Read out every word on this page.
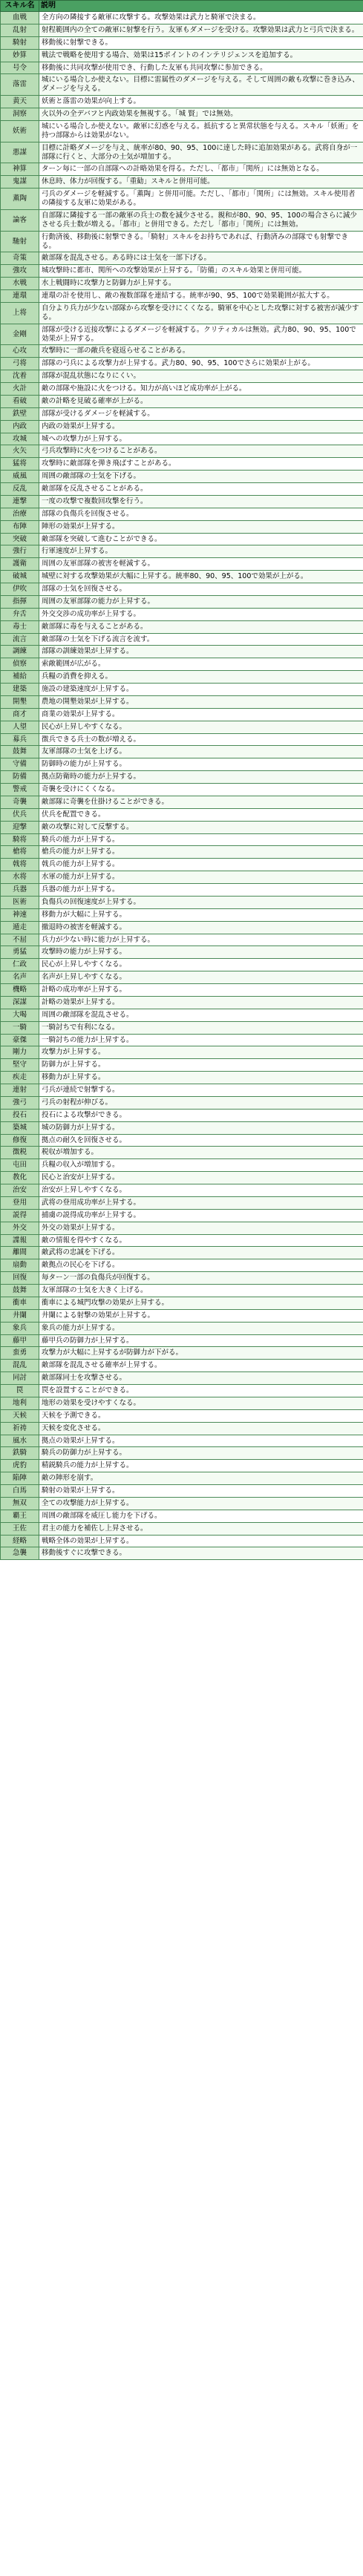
スキル名	説明
血戦	全方向の隣接する敵軍に攻撃する。攻撃効果は武力と騎軍で決まる。
乱射	射程範囲内の全ての敵軍に射撃を行う。友軍もダメージを受ける。攻撃効果は武力と弓兵で決まる。
騎射	移動後に射撃できる。
妙算	戦法で戦略を使用する場合、効果は15ポイントのインテリジェンスを追加する。
号令	移動後に共同攻撃が使用でき、行動した友軍も共同攻撃に参加できる。
落雷	城にいる場合しか使えない。目標に雷属性のダメージを与える。そして周囲の敵も攻撃に巻き込み、ダメージを与える。
黄天	妖術と落雷の効果が向上する。
洞察	火以外の全デバフと内政効果を無視する。「城 賢」では無効。
妖術	城にいる場合しか使えない。敵軍に幻惑を与える。抵抗すると異常状態を与える。スキル「妖術」を持つ部隊からは効果がない。
悪謀	目標に計略ダメージを与え、統率が80、90、95、100に達した時に追加効果がある。武将自身が一部隊に行くと、大部分の士気が増加する。
神算	ターン毎に一部の自部隊への計略効果を得る。ただし、「都市」「関所」には無効となる。
鬼謀	休息時、体力が回復する。「重勧」スキルと併用可能。
薫陶	弓兵のダメージを軽減する。「薫陶」と併用可能。ただし、「都市」「関所」には無効。スキル使用者の隣接する友軍に効果がある。
論客	自部隊に隣接する一部の敵軍の兵士の数を減少させる。親和が80、90、95、100の場合さらに減少させる兵士数が増える。「都市」と併用できる。ただし「都市」「関所」には無効。
馳射	行動済後、移動後に射撃できる。「騎射」スキルをお持ちであれば、行動済みの部隊でも射撃できる。
奇策	敵部隊を混乱させる。ある時には士気を一部下げる。
強攻	城攻撃時に都市、関所への攻撃効果が上昇する。「防備」のスキル効果と併用可能。
水戦	水上戦闘時に攻撃力と防御力が上昇する。
連環	連環の計を使用し、敵の複数部隊を連結する。統率が90、95、100で効果範囲が拡大する。
上将	自分より兵力が少ない部隊から攻撃を受けにくくなる。騎軍を中心とした攻撃に対する被害が減少する。
金剛	部隊が受ける近接攻撃によるダメージを軽減する。クリティカルは無効。武力80、90、95、100で効果が上昇する。
心攻	攻撃時に一部の敵兵を寝返らせることがある。
弓将	部隊の弓兵による攻撃力が上昇する。武力80、90、95、100でさらに効果が上がる。
沈着	部隊が混乱状態になりにくい。
火計	敵の部隊や施設に火をつける。知力が高いほど成功率が上がる。
看破	敵の計略を見破る確率が上がる。
鉄壁	部隊が受けるダメージを軽減する。
内政	内政の効果が上昇する。
攻城	城への攻撃力が上昇する。
火矢	弓兵攻撃時に火をつけることがある。
猛将	攻撃時に敵部隊を弾き飛ばすことがある。
威風	周囲の敵部隊の士気を下げる。
反乱	敵部隊を反乱させることがある。
連撃	一度の攻撃で複数回攻撃を行う。
治療	部隊の負傷兵を回復させる。
布陣	陣形の効果が上昇する。
突破	敵部隊を突破して進むことができる。
強行	行軍速度が上昇する。
護衛	周囲の友軍部隊の被害を軽減する。
破城	城壁に対する攻撃効果が大幅に上昇する。統率80、90、95、100で効果が上がる。
伊吹	部隊の士気を回復させる。
指揮	周囲の友軍部隊の能力が上昇する。
弁舌	外交交渉の成功率が上昇する。
毒士	敵部隊に毒を与えることがある。
流言	敵部隊の士気を下げる流言を流す。
調練	部隊の訓練効果が上昇する。
偵察	索敵範囲が広がる。
補給	兵糧の消費を抑える。
建築	施設の建築速度が上昇する。
開墾	農地の開墾効果が上昇する。
商才	商業の効果が上昇する。
人望	民心が上昇しやすくなる。
募兵	徴兵できる兵士の数が増える。
鼓舞	友軍部隊の士気を上げる。
守備	防御時の能力が上昇する。
防備	拠点防衛時の能力が上昇する。
警戒	奇襲を受けにくくなる。
奇襲	敵部隊に奇襲を仕掛けることができる。
伏兵	伏兵を配置できる。
迎撃	敵の攻撃に対して反撃する。
騎将	騎兵の能力が上昇する。
槍将	槍兵の能力が上昇する。
戟将	戟兵の能力が上昇する。
水将	水軍の能力が上昇する。
兵器	兵器の能力が上昇する。
医術	負傷兵の回復速度が上昇する。
神速	移動力が大幅に上昇する。
遁走	撤退時の被害を軽減する。
不屈	兵力が少ない時に能力が上昇する。
勇猛	攻撃時の能力が上昇する。
仁政	民心が上昇しやすくなる。
名声	名声が上昇しやすくなる。
機略	計略の成功率が上昇する。
深謀	計略の効果が上昇する。
大喝	周囲の敵部隊を混乱させる。
一騎	一騎討ちで有利になる。
豪傑	一騎討ちの能力が上昇する。
剛力	攻撃力が上昇する。
堅守	防御力が上昇する。
疾走	移動力が上昇する。
連射	弓兵が連続で射撃する。
強弓	弓兵の射程が伸びる。
投石	投石による攻撃ができる。
築城	城の防御力が上昇する。
修復	拠点の耐久を回復させる。
徴税	税収が増加する。
屯田	兵糧の収入が増加する。
教化	民心と治安が上昇する。
治安	治安が上昇しやすくなる。
登用	武将の登用成功率が上昇する。
説得	捕虜の説得成功率が上昇する。
外交	外交の効果が上昇する。
諜報	敵の情報を得やすくなる。
離間	敵武将の忠誠を下げる。
扇動	敵拠点の民心を下げる。
回復	毎ターン一部の負傷兵が回復する。
鼓舞	友軍部隊の士気を大きく上げる。
衝車	衝車による城門攻撃の効果が上昇する。
井闌	井闌による射撃の効果が上昇する。
象兵	象兵の能力が上昇する。
藤甲	藤甲兵の防御力が上昇する。
蛮勇	攻撃力が大幅に上昇するが防御力が下がる。
混乱	敵部隊を混乱させる確率が上昇する。
同討	敵部隊同士を攻撃させる。
罠	罠を設置することができる。
地利	地形の効果を受けやすくなる。
天候	天候を予測できる。
祈祷	天候を変化させる。
風水	拠点の効果が上昇する。
鉄騎	騎兵の防御力が上昇する。
虎豹	精鋭騎兵の能力が上昇する。
陥陣	敵の陣形を崩す。
白馬	騎射の効果が上昇する。
無双	全ての攻撃能力が上昇する。
覇王	周囲の敵部隊を威圧し能力を下げる。
王佐	君主の能力を補佐し上昇させる。
経略	戦略全体の効果が上昇する。
急襲	移動後すぐに攻撃できる。
